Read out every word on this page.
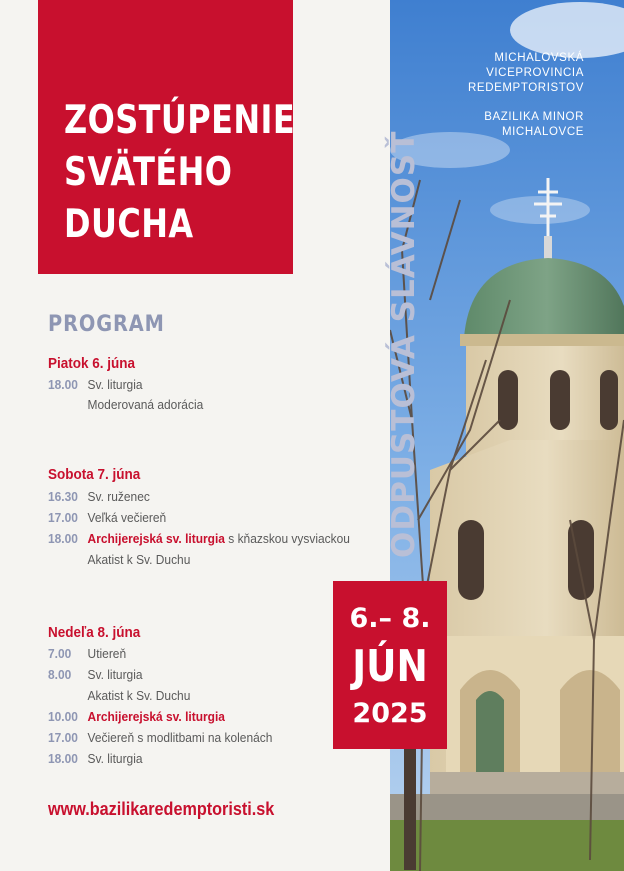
ZOSTÚPENIE
SVÄTÉHO
DUCHA	ODPUSTOVÁ SLÁVNOSŤ
MICHALOVSKÁ
VICEPROVINCIA
REDEMPTORISTOV
BAZILIKA MINOR
MICHALOVCE
PROGRAM
Piatok 6. júna
18.00 Sv. liturgia
Moderovaná adorácia
Sobota 7. júna
16.30 Sv. ruženec
17.00 Veľká večiereň
18.00 Archijerejská sv. liturgia s kňazskou vysviackou
Akatist k Sv. Duchu
Nedeľa 8. júna
7.00 Utiereň
8.00 Sv. liturgia
Akatist k Sv. Duchu
10.00 Archijerejská sv. liturgia
17.00 Večiereň s modlitbami na kolenách
18.00 Sv. liturgia
www.bazilikaredemptoristi.sk
6.– 8.
JÚN
2025
